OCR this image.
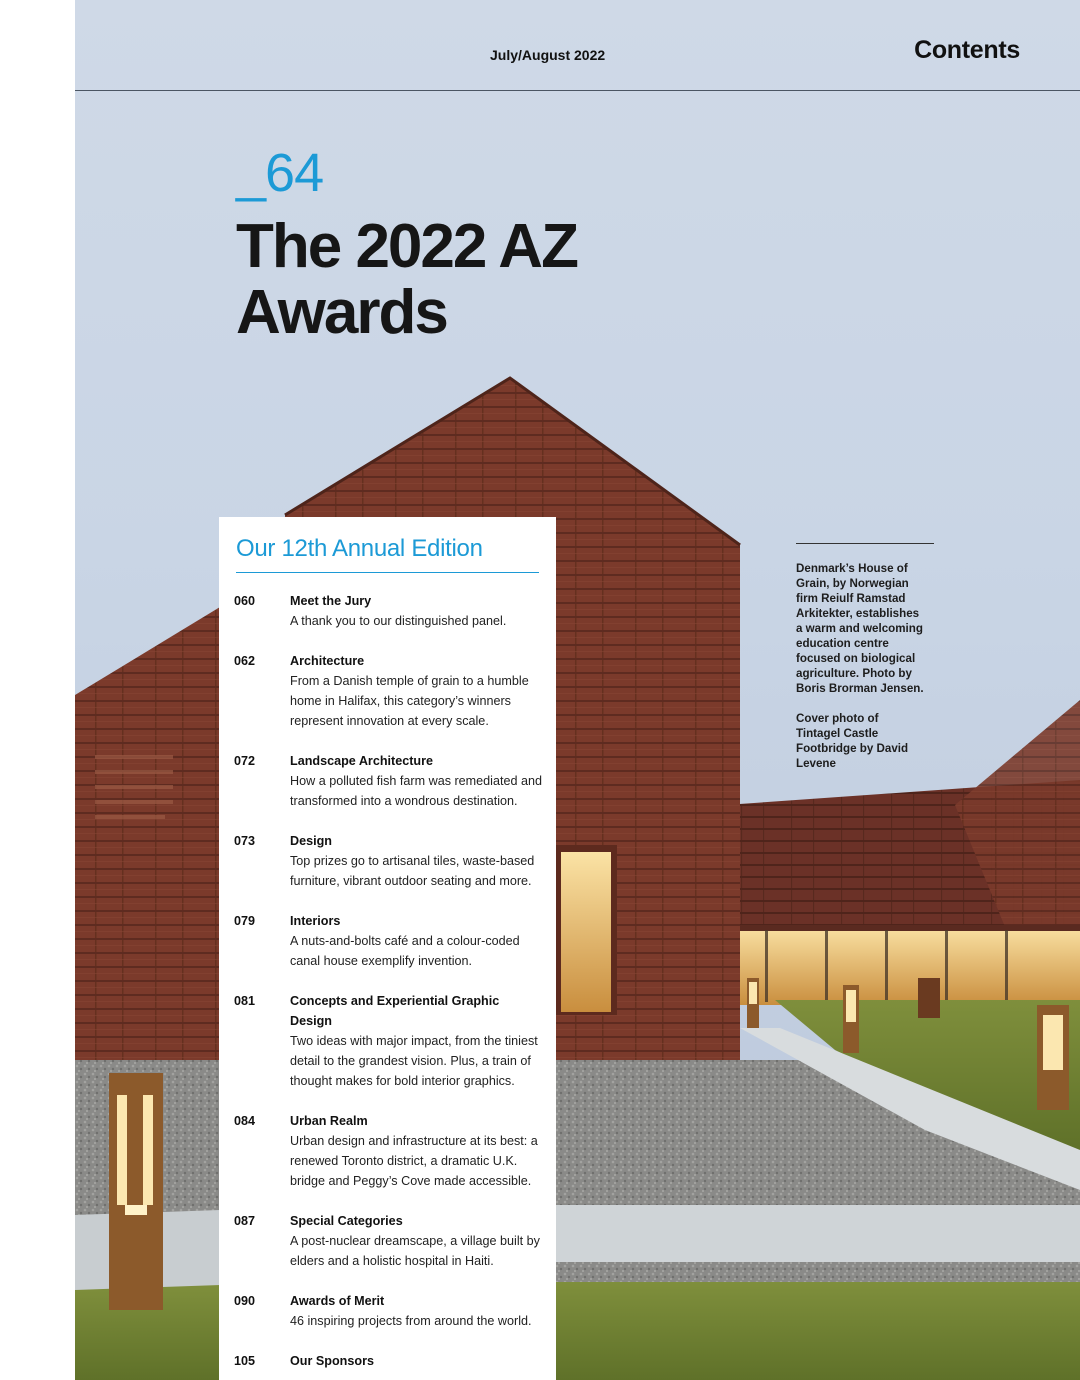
July/August 2022	Contents
_64
The 2022 AZ Awards

Denmark’s House of Grain, by Norwegian firm Reiulf Ramstad Arkitekter, establishes a warm and welcoming education centre focused on biological agriculture. Photo by Boris Brorman Jensen.

Cover photo of Tintagel Castle Footbridge by David Levene

Our 12th Annual Edition
060	Meet the Jury
A thank you to our distinguished panel.
062	Architecture
From a Danish temple of grain to a humble home in Halifax, this category’s winners represent innovation at every scale.
072	Landscape Architecture
How a polluted fish farm was remediated and transformed into a wondrous destination.
073	Design
Top prizes go to artisanal tiles, waste-based furniture, vibrant outdoor seating and more.
079	Interiors
A nuts-and-bolts café and a colour-coded canal house exemplify invention.
081	Concepts and Experiential Graphic Design
Two ideas with major impact, from the tiniest detail to the grandest vision. Plus, a train of thought makes for bold interior graphics.
084	Urban Realm
Urban design and infrastructure at its best: a renewed Toronto district, a dramatic U.K. bridge and Peggy’s Cove made accessible.
087	Special Categories
A post-nuclear dreamscape, a village built by elders and a holistic hospital in Haiti.
090	Awards of Merit
46 inspiring projects from around the world.
105	Our Sponsors
